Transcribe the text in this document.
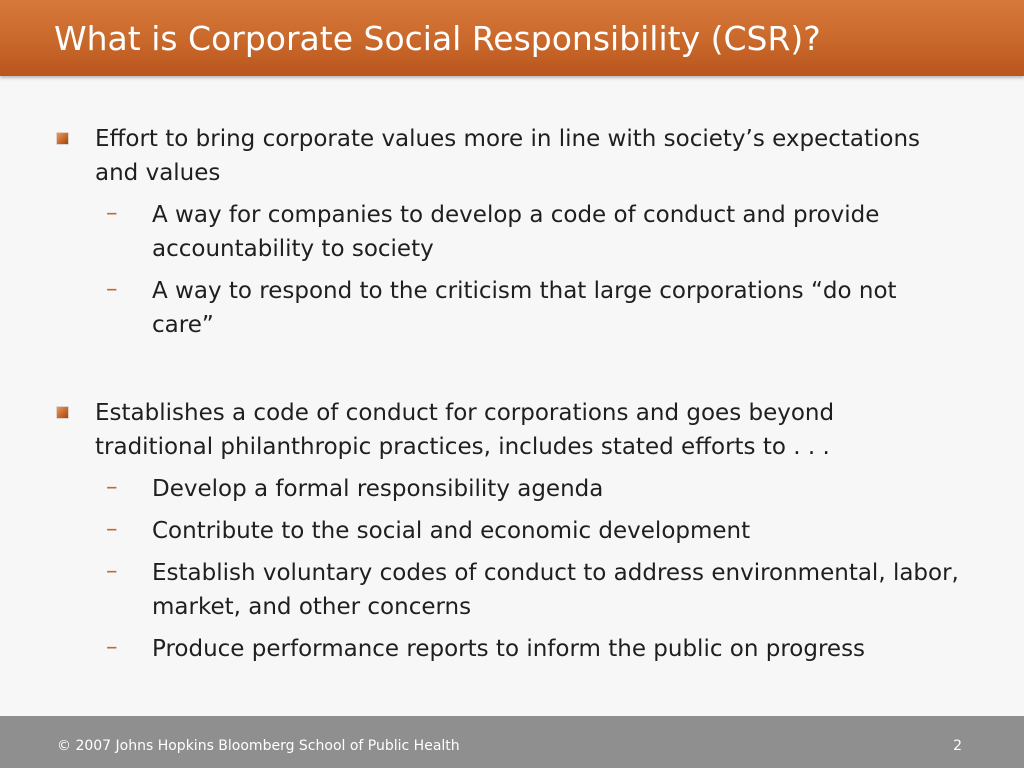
What is Corporate Social Responsibility (CSR)?
Effort to bring corporate values more in line with society’s expectations and values
– A way for companies to develop a code of conduct and provide accountability to society
– A way to respond to the criticism that large corporations “do not care”
Establishes a code of conduct for corporations and goes beyond traditional philanthropic practices, includes stated efforts to . . .
– Develop a formal responsibility agenda
– Contribute to the social and economic development
– Establish voluntary codes of conduct to address environmental, labor, market, and other concerns
– Produce performance reports to inform the public on progress
© 2007 Johns Hopkins Bloomberg School of Public Health	2
